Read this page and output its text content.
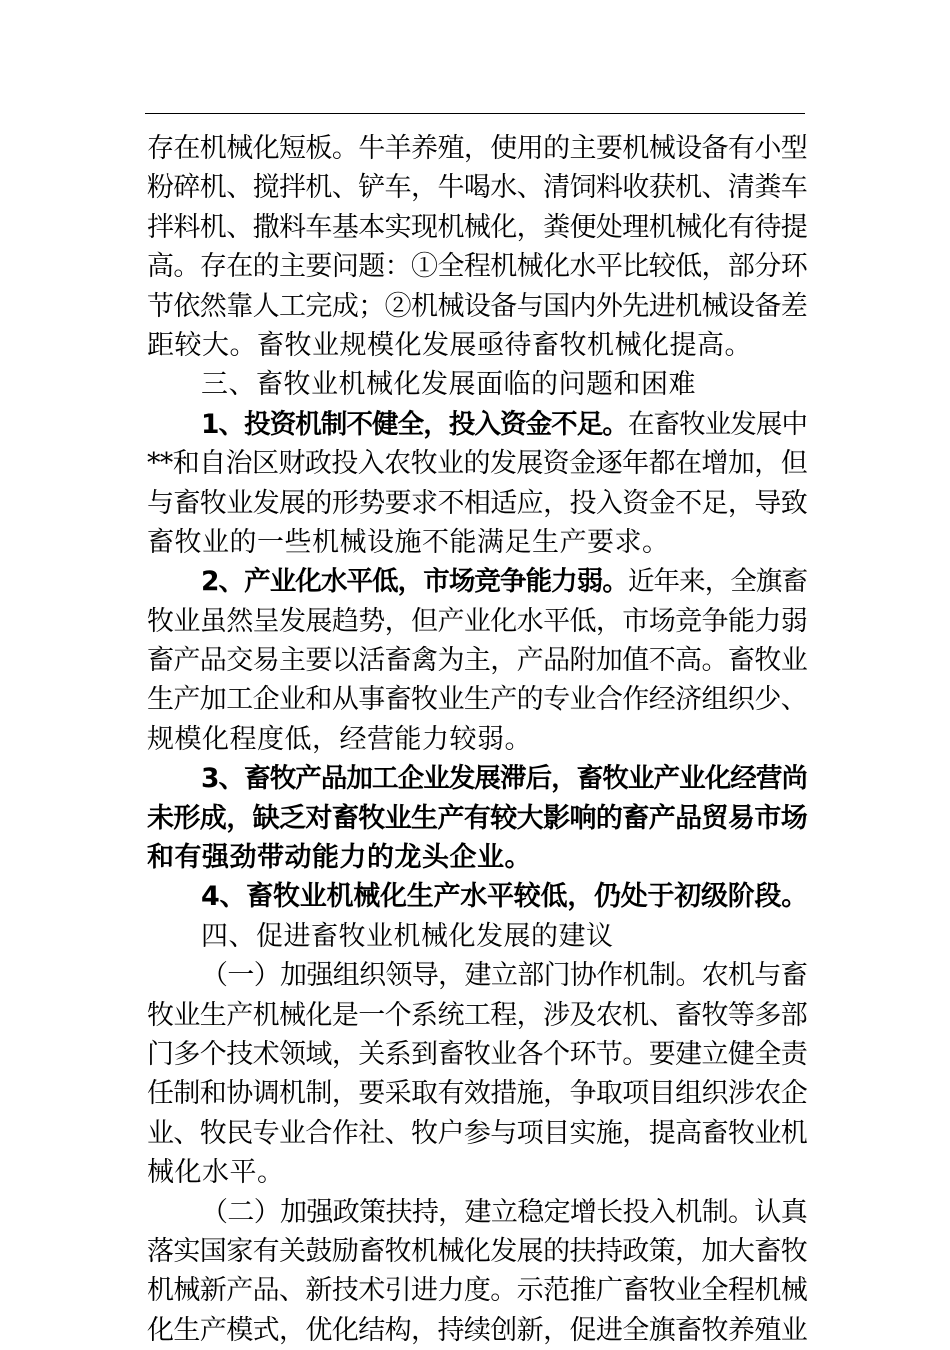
存在机械化短板。牛羊养殖，使用的主要机械设备有小型
粉碎机、搅拌机、铲车，牛喝水、清饲料收获机、清粪车
拌料机、撒料车基本实现机械化，粪便处理机械化有待提
高。存在的主要问题：①全程机械化水平比较低，部分环
节依然靠人工完成；②机械设备与国内外先进机械设备差
距较大。畜牧业规模化发展亟待畜牧机械化提高。
三、畜牧业机械化发展面临的问题和困难
1、投资机制不健全，投入资金不足。在畜牧业发展中
**和自治区财政投入农牧业的发展资金逐年都在增加，但
与畜牧业发展的形势要求不相适应，投入资金不足，导致
畜牧业的一些机械设施不能满足生产要求。
2、产业化水平低，市场竞争能力弱。近年来，全旗畜
牧业虽然呈发展趋势，但产业化水平低，市场竞争能力弱
畜产品交易主要以活畜禽为主，产品附加值不高。畜牧业
生产加工企业和从事畜牧业生产的专业合作经济组织少、
规模化程度低，经营能力较弱。
3、畜牧产品加工企业发展滞后，畜牧业产业化经营尚
未形成，缺乏对畜牧业生产有较大影响的畜产品贸易市场
和有强劲带动能力的龙头企业。
4、畜牧业机械化生产水平较低，仍处于初级阶段。
四、促进畜牧业机械化发展的建议
（一）加强组织领导，建立部门协作机制。农机与畜
牧业生产机械化是一个系统工程，涉及农机、畜牧等多部
门多个技术领域，关系到畜牧业各个环节。要建立健全责
任制和协调机制，要采取有效措施，争取项目组织涉农企
业、牧民专业合作社、牧户参与项目实施，提高畜牧业机
械化水平。
（二）加强政策扶持，建立稳定增长投入机制。认真
落实国家有关鼓励畜牧机械化发展的扶持政策，加大畜牧
机械新产品、新技术引进力度。示范推广畜牧业全程机械
化生产模式，优化结构，持续创新，促进全旗畜牧养殖业
